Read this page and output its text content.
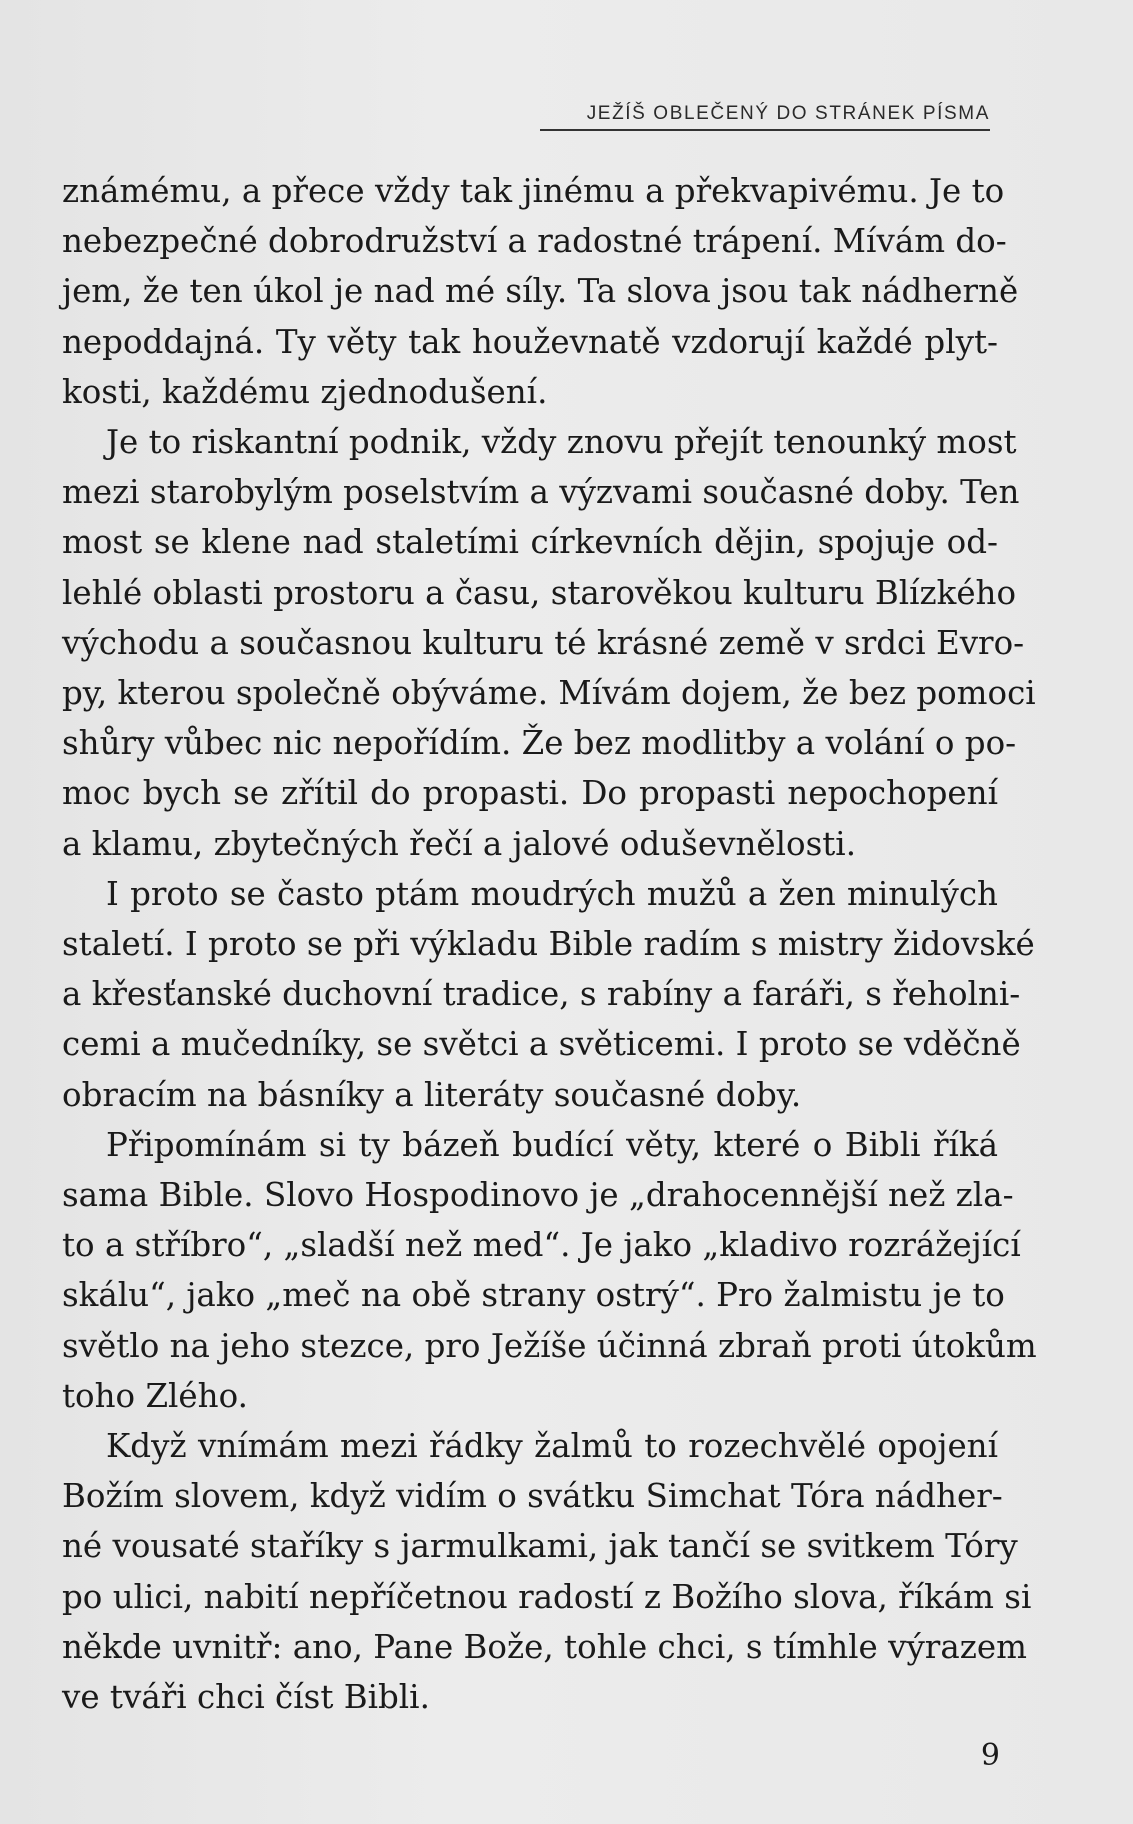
JEŽÍŠ OBLEČENÝ DO STRÁNEK PÍSMA

známému, a přece vždy tak jinému a překvapivému. Je to
nebezpečné dobrodružství a radostné trápení. Mívám do-
jem, že ten úkol je nad mé síly. Ta slova jsou tak nádherně
nepoddajná. Ty věty tak houževnatě vzdorují každé plyt-
kosti, každému zjednodušení.

Je to riskantní podnik, vždy znovu přejít tenounký most
mezi starobylým poselstvím a výzvami současné doby. Ten
most se klene nad staletími církevních dějin, spojuje od-
lehlé oblasti prostoru a času, starověkou kulturu Blízkého
východu a současnou kulturu té krásné země v srdci Evro-
py, kterou společně obýváme. Mívám dojem, že bez pomoci
shůry vůbec nic nepořídím. Že bez modlitby a volání o po-
moc bych se zřítil do propasti. Do propasti nepochopení
a klamu, zbytečných řečí a jalové oduševnělosti.

I proto se často ptám moudrých mužů a žen minulých
staletí. I proto se při výkladu Bible radím s mistry židovské
a křesťanské duchovní tradice, s rabíny a faráři, s řeholni-
cemi a mučedníky, se světci a světicemi. I proto se vděčně
obracím na básníky a literáty současné doby.

Připomínám si ty bázeň budící věty, které o Bibli říká
sama Bible. Slovo Hospodinovo je „drahocennější než zla-
to a stříbro“, „sladší než med“. Je jako „kladivo rozrážející
skálu“, jako „meč na obě strany ostrý“. Pro žalmistu je to
světlo na jeho stezce, pro Ježíše účinná zbraň proti útokům
toho Zlého.

Když vnímám mezi řádky žalmů to rozechvělé opojení
Božím slovem, když vidím o svátku Simchat Tóra nádher-
né vousaté staříky s jarmulkami, jak tančí se svitkem Tóry
po ulici, nabití nepříčetnou radostí z Božího slova, říkám si
někde uvnitř: ano, Pane Bože, tohle chci, s tímhle výrazem
ve tváři chci číst Bibli.

9
